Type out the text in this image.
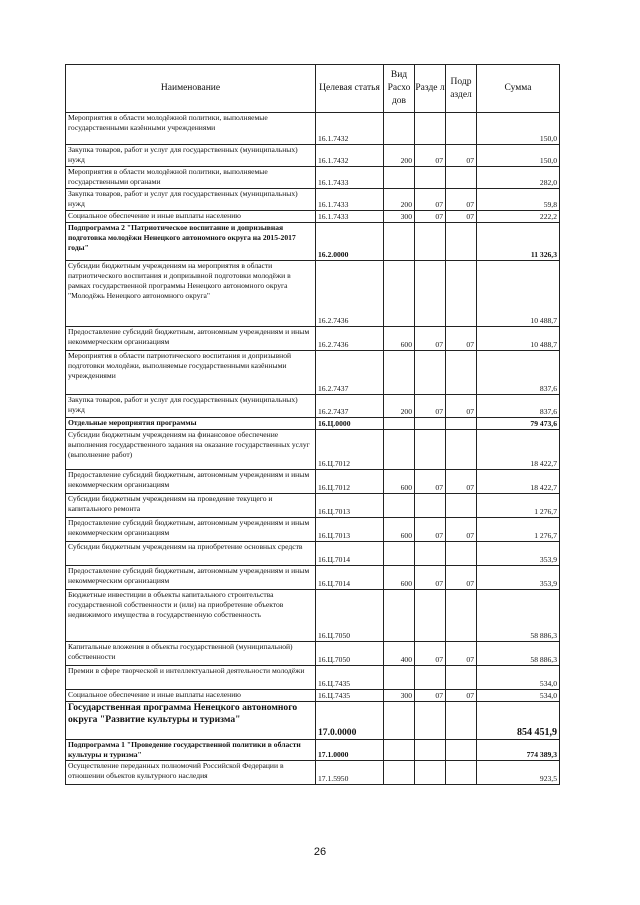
Наименование	Целевая статья	Вид Расхо дов	Разде л	Подр аздел	Сумма
Мероприятия в области молодёжной политики, выполняемые государственными казёнными учреждениями	16.1.7432				150,0
Закупка товаров, работ и услуг для государственных (муниципальных) нужд	16.1.7432	200	07	07	150,0
Мероприятия в области молодёжной политики, выполняемые государственными органами	16.1.7433				282,0
Закупка товаров, работ и услуг для государственных (муниципальных) нужд	16.1.7433	200	07	07	59,8
Социальное обеспечение и иные выплаты населению	16.1.7433	300	07	07	222,2
Подпрограмма 2 "Патриотическое воспитание и допризывная подготовка молодёжи Ненецкого автономного округа на 2015-2017 годы"	16.2.0000				11 326,3
Субсидии бюджетным учреждениям на мероприятия в области патриотического воспитания и допризывной подготовки молодёжи в рамках государственной программы Ненецкого автономного округа "Молодёжь Ненецкого автономного округа"	16.2.7436				10 488,7
Предоставление субсидий бюджетным, автономным учреждениям и иным некоммерческим организациям	16.2.7436	600	07	07	10 488,7
Мероприятия в области патриотического воспитания и допризывной подготовки молодёжи, выполняемые государственными казёнными учреждениями	16.2.7437				837,6
Закупка товаров, работ и услуг для государственных (муниципальных) нужд	16.2.7437	200	07	07	837,6
Отдельные мероприятия программы	16.Ц.0000				79 473,6
Субсидии бюджетным учреждениям на финансовое обеспечение выполнения государственного задания на оказание государственных услуг (выполнение работ)	16.Ц.7012				18 422,7
Предоставление субсидий бюджетным, автономным учреждениям и иным некоммерческим организациям	16.Ц.7012	600	07	07	18 422,7
Субсидии бюджетным учреждениям на проведение текущего и капитального ремонта	16.Ц.7013				1 276,7
Предоставление субсидий бюджетным, автономным учреждениям и иным некоммерческим организациям	16.Ц.7013	600	07	07	1 276,7
Субсидии бюджетным учреждениям на приобретение основных средств	16.Ц.7014				353,9
Предоставление субсидий бюджетным, автономным учреждениям и иным некоммерческим организациям	16.Ц.7014	600	07	07	353,9
Бюджетные инвестиции в объекты капитального строительства государственной собственности и (или) на приобретение объектов недвижимого имущества в государственную собственность	16.Ц.7050				58 886,3
Капитальные вложения в объекты государственной (муниципальной) собственности	16.Ц.7050	400	07	07	58 886,3
Премии в сфере творческой и интеллектуальной деятельности молодёжи	16.Ц.7435				534,0
Социальное обеспечение и иные выплаты населению	16.Ц.7435	300	07	07	534,0
Государственная программа Ненецкого автономного округа "Развитие культуры и туризма"	17.0.0000				854 451,9
Подпрограмма 1 "Проведение государственной политики в области культуры и туризма"	17.1.0000				774 389,3
Осуществление переданных полномочий Российской Федерации в отношении объектов культурного наследия	17.1.5950				923,5
26
